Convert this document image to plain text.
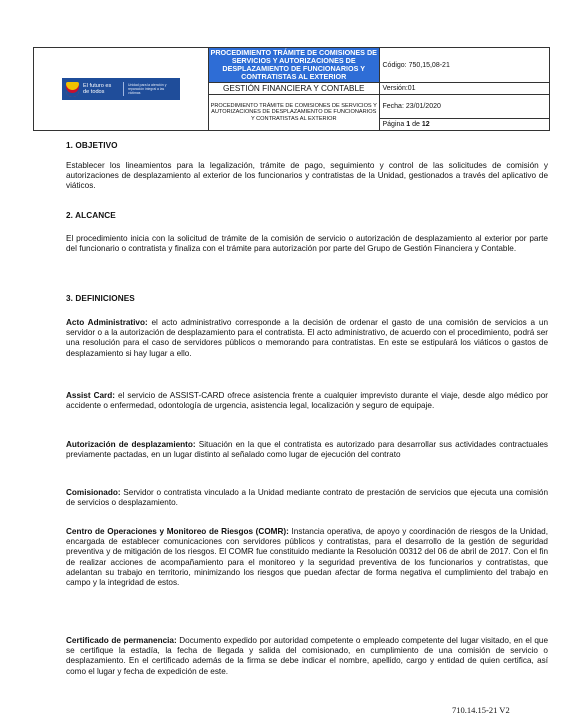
El futuro es de todos
Unidad para la atención y reparación integral a las víctimas	PROCEDIMIENTO TRÁMITE DE COMISIONES DE SERVICIOS Y AUTORIZACIONES DE DESPLAZAMIENTO DE FUNCIONARIOS Y CONTRATISTAS AL EXTERIOR	Código: 750,15,08-21
	GESTIÓN FINANCIERA Y CONTABLE	Versión:01
	PROCEDIMIENTO TRÁMITE DE COMISIONES DE SERVICIOS Y AUTORIZACIONES DE DESPLAZAMIENTO DE FUNCIONARIOS Y CONTRATISTAS AL EXTERIOR	Fecha: 23/01/2020
		Página 1 de 12
1. OBJETIVO
Establecer los lineamientos para la legalización, trámite de pago, seguimiento y control de las solicitudes de comisión y autorizaciones de desplazamiento al exterior de los funcionarios y contratistas de la Unidad, gestionados a través del aplicativo de viáticos.
2. ALCANCE
El procedimiento inicia con la solicitud de trámite de la comisión de servicio o autorización de desplazamiento al exterior por parte del funcionario o contratista y finaliza con el trámite para autorización por parte del Grupo de Gestión Financiera y Contable.
3. DEFINICIONES
Acto Administrativo: el acto administrativo corresponde a la decisión de ordenar el gasto de una comisión de servicios a un servidor o a la autorización de desplazamiento para el contratista. El acto administrativo, de acuerdo con el procedimiento, podrá ser una resolución para el caso de servidores públicos o memorando para contratistas. En este se estipulará los viáticos o gastos de desplazamiento si hay lugar a ello.
Assist Card: el servicio de ASSIST-CARD ofrece asistencia frente a cualquier imprevisto durante el viaje, desde algo médico por accidente o enfermedad, odontología de urgencia, asistencia legal, localización y seguro de equipaje.
Autorización de desplazamiento: Situación en la que el contratista es autorizado para desarrollar sus actividades contractuales previamente pactadas, en un lugar distinto al señalado como lugar de ejecución del contrato
Comisionado: Servidor o contratista vinculado a la Unidad mediante contrato de prestación de servicios que ejecuta una comisión de servicios o desplazamiento.
Centro de Operaciones y Monitoreo de Riesgos (COMR): Instancia operativa, de apoyo y coordinación de riesgos de la Unidad, encargada de establecer comunicaciones con servidores públicos y contratistas, para el desarrollo de la gestión de seguridad preventiva y de mitigación de los riesgos. El COMR fue constituido mediante la Resolución 00312 del 06 de abril de 2017. Con el fin de realizar acciones de acompañamiento para el monitoreo y la seguridad preventiva de los funcionarios y contratistas, que adelantan su trabajo en territorio, minimizando los riesgos que puedan afectar de forma negativa el cumplimiento del trabajo en campo y la integridad de estos.
Certificado de permanencia: Documento expedido por autoridad competente o empleado competente del lugar visitado, en el que se certifique la estadía, la fecha de llegada y salida del comisionado, en cumplimiento de una comisión de servicio o desplazamiento. En el certificado además de la firma se debe indicar el nombre, apellido, cargo y entidad de quien certifica, así como el lugar y fecha de expedición de este.
710.14.15-21 V2
